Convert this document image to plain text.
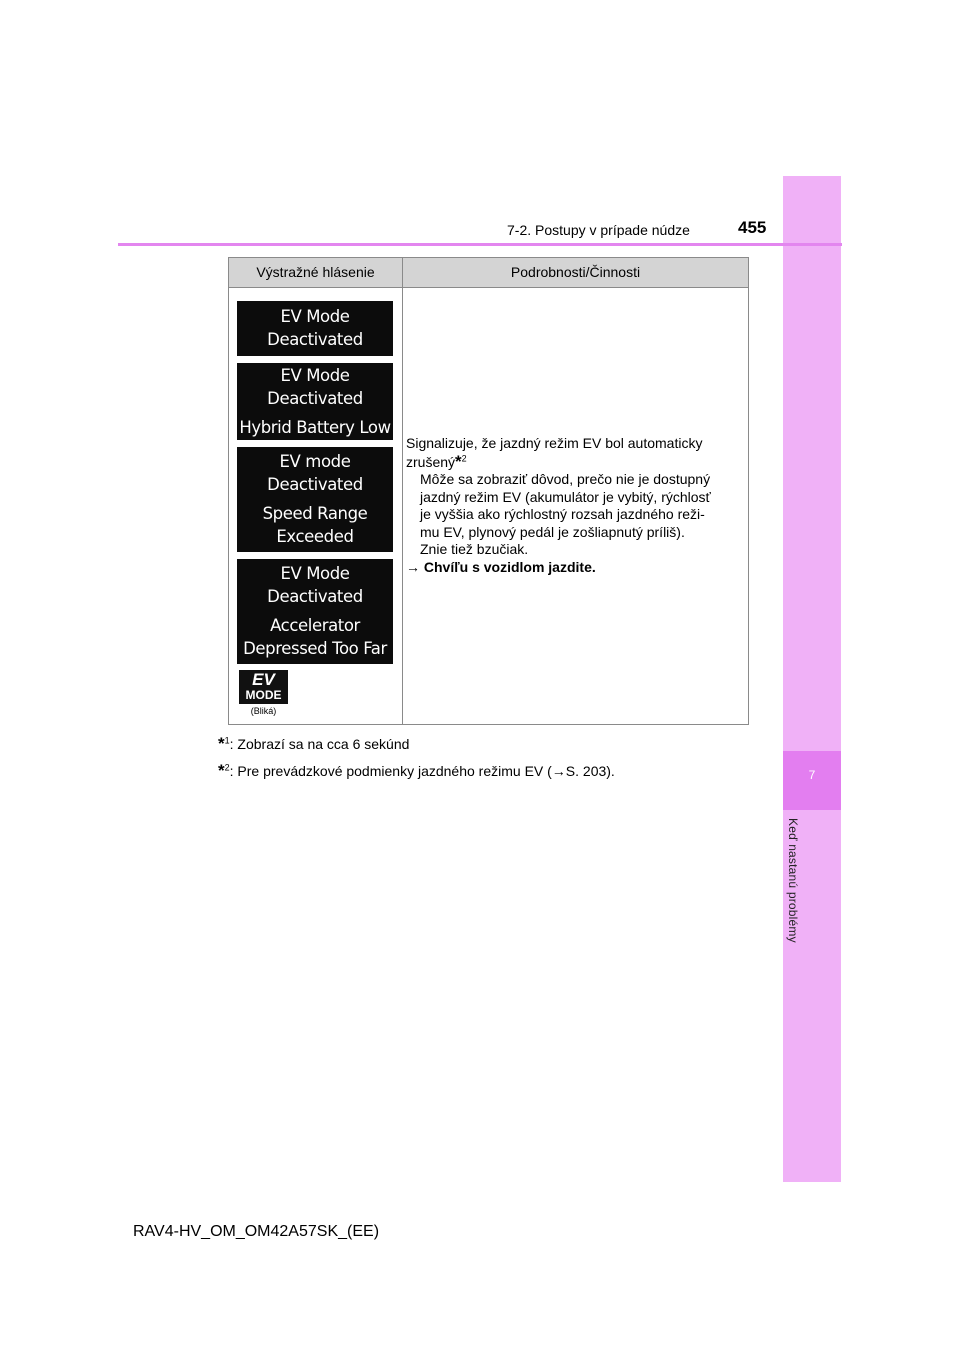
7
Keď nastanú problémy
7-2. Postupy v prípade núdze	455
Výstražné hlásenie	Podrobnosti/Činnosti
EV Mode
Deactivated
EV Mode
Deactivated
Hybrid Battery Low
EV mode
Deactivated
Speed Range
Exceeded
EV Mode
Deactivated
Accelerator
Depressed Too Far
EV
MODE
(Bliká)

Signalizuje, že jazdný režim EV bol automaticky

zrušený*$^2$

Môže sa zobraziť dôvod, prečo nie je dostupný

jazdný režim EV (akumulátor je vybitý, rýchlosť

je vyššia ako rýchlostný rozsah jazdného reži-

mu EV, plynový pedál je zošliapnutý príliš).

Znie tiež bzučiak.

→ Chvíľu s vozidlom jazdite.

*$^1$: Zobrazí sa na cca 6 sekúnd
*$^2$: Pre prevádzkové podmienky jazdného režimu EV (→S. 203).
RAV4-HV_OM_OM42A57SK_(EE)
